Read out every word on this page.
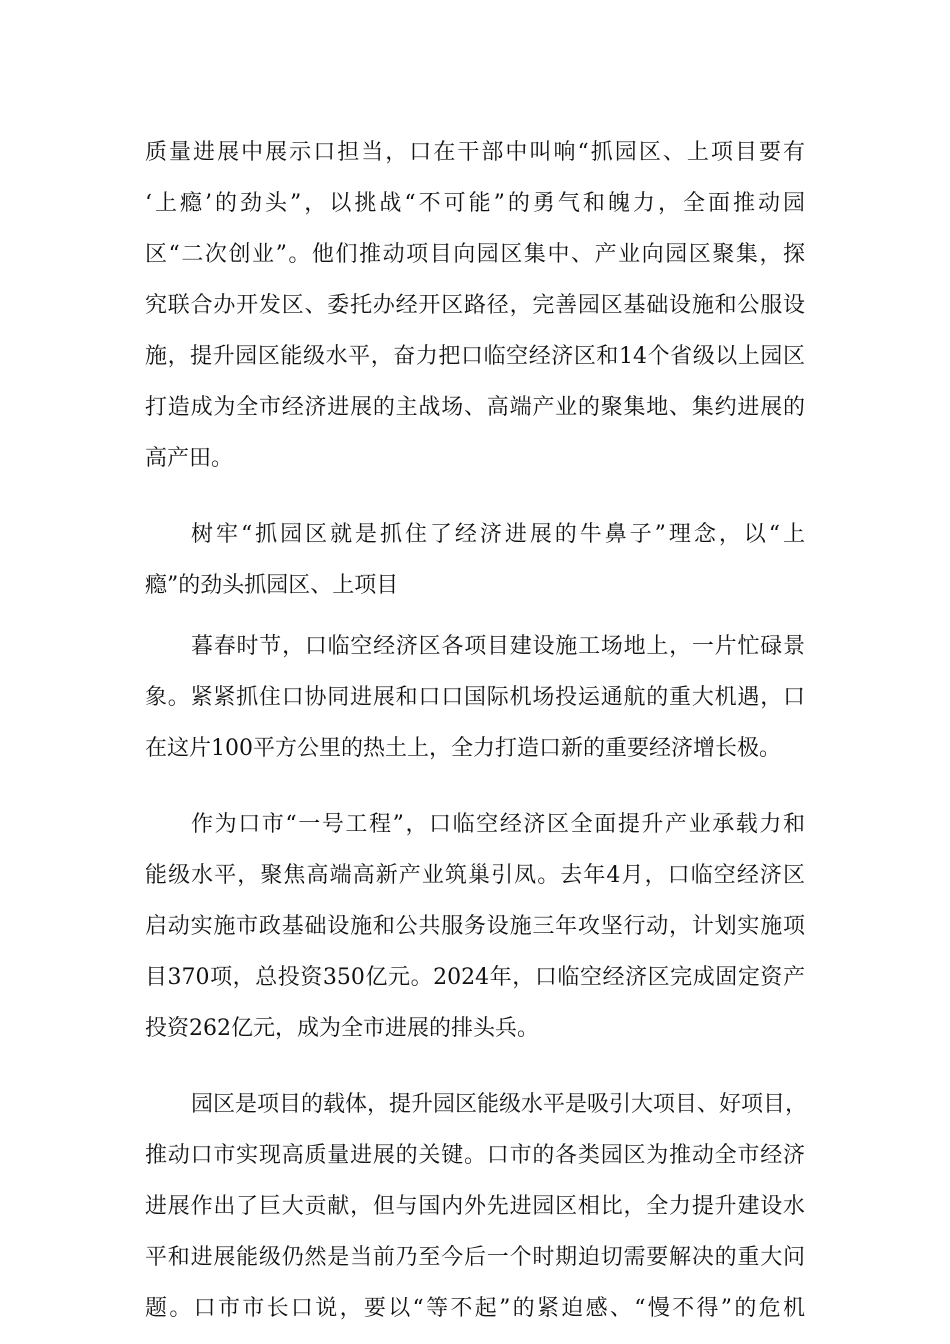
质量进展中展示口担当，口在干部中叫响“抓园区、上项目要有
‘上瘾’的劲头”，以挑战“不可能”的勇气和魄力，全面推动园
区“二次创业”。他们推动项目向园区集中、产业向园区聚集，探
究联合办开发区、委托办经开区路径，完善园区基础设施和公服设
施，提升园区能级水平，奋力把口临空经济区和14个省级以上园区
打造成为全市经济进展的主战场、高端产业的聚集地、集约进展的
高产田。
树牢“抓园区就是抓住了经济进展的牛鼻子”理念，以“上
瘾”的劲头抓园区、上项目
暮春时节，口临空经济区各项目建设施工场地上，一片忙碌景
象。紧紧抓住口协同进展和口口国际机场投运通航的重大机遇，口
在这片100平方公里的热土上，全力打造口新的重要经济增长极。
作为口市“一号工程”，口临空经济区全面提升产业承载力和
能级水平，聚焦高端高新产业筑巢引凤。去年4月，口临空经济区
启动实施市政基础设施和公共服务设施三年攻坚行动，计划实施项
目370项，总投资350亿元。2024年，口临空经济区完成固定资产
投资262亿元，成为全市进展的排头兵。
园区是项目的载体，提升园区能级水平是吸引大项目、好项目，
推动口市实现高质量进展的关键。口市的各类园区为推动全市经济
进展作出了巨大贡献，但与国内外先进园区相比，全力提升建设水
平和进展能级仍然是当前乃至今后一个时期迫切需要解决的重大问
题。口市市长口说，要以“等不起”的紧迫感、“慢不得”的危机
